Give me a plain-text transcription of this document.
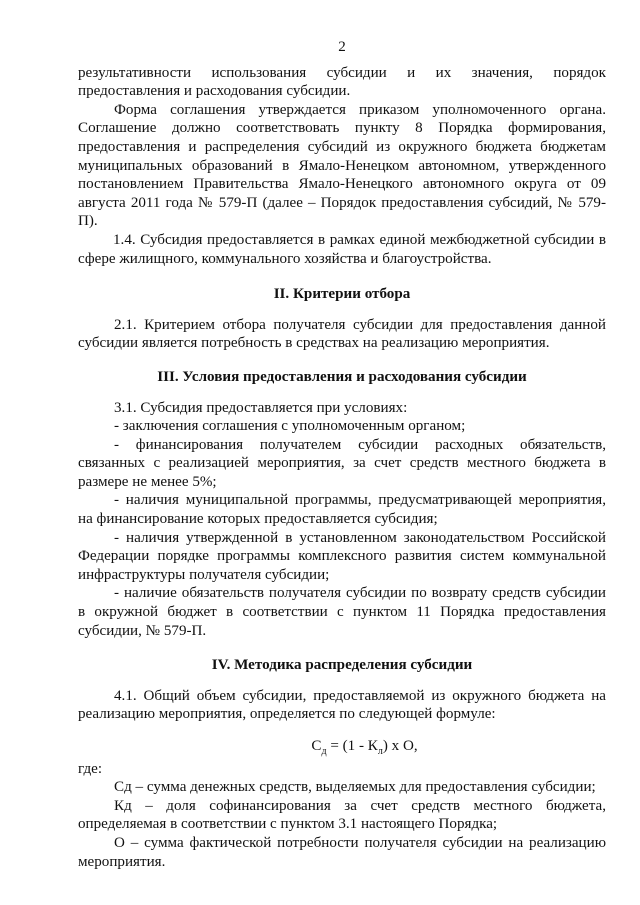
2

результативности использования субсидии и их значения, порядок предоставления и расходования субсидии.

Форма соглашения утверждается приказом уполномоченного органа. Соглашение должно соответствовать пункту 8 Порядка формирования, предоставления и распределения субсидий из окружного бюджета бюджетам муниципальных образований в Ямало-Ненецком автономном, утвержденного постановлением Правительства Ямало-Ненецкого автономного округа от 09 августа 2011 года № 579-П (далее – Порядок предоставления субсидий, № 579-П).

1.4. Субсидия предоставляется в рамках единой межбюджетной субсидии в сфере жилищного, коммунального хозяйства и благоустройства.

II. Критерии отбора

2.1. Критерием отбора получателя субсидии для предоставления данной субсидии является потребность в средствах на реализацию мероприятия.

III. Условия предоставления и расходования субсидии

3.1. Субсидия предоставляется при условиях:

- заключения соглашения с уполномоченным органом;

- финансирования получателем субсидии расходных обязательств, связанных с реализацией мероприятия, за счет средств местного бюджета в размере не менее 5%;

- наличия муниципальной программы, предусматривающей мероприятия, на финансирование которых предоставляется субсидия;

- наличия утвержденной в установленном законодательством Российской Федерации порядке программы комплексного развития систем коммунальной инфраструктуры получателя субсидии;

- наличие обязательств получателя субсидии по возврату средств субсидии в окружной бюджет в соответствии с пунктом 11 Порядка предоставления субсидии, № 579-П.

IV. Методика распределения субсидии

4.1. Общий объем субсидии, предоставляемой из окружного бюджета на реализацию мероприятия, определяется по следующей формуле:

$С_д = (1 - К_л)$ х О,

где:

Сд – сумма денежных средств, выделяемых для предоставления субсидии;

Кд – доля софинансирования за счет средств местного бюджета, определяемая в соответствии с пунктом 3.1 настоящего Порядка;

О – сумма фактической потребности получателя субсидии на реализацию мероприятия.
